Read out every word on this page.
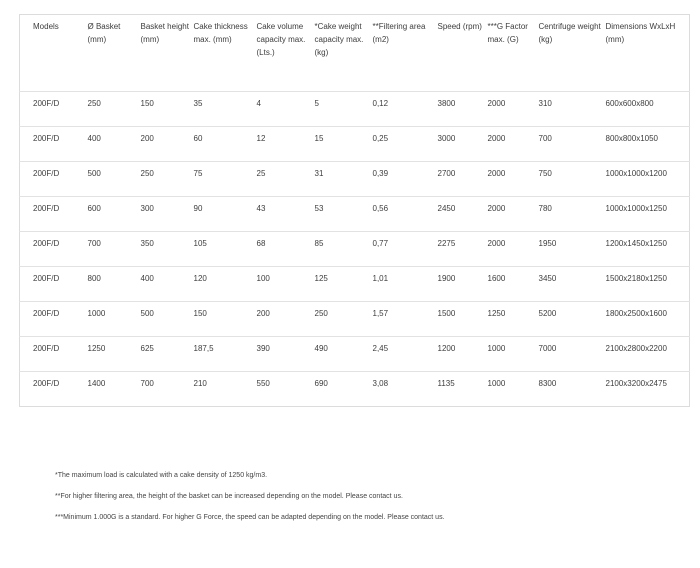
Models	Ø Basket (mm)	Basket height (mm)	Cake thickness max. (mm)	Cake volume capacity max. (Lts.)	*Cake weight capacity max. (kg)	**Filtering area (m2)	Speed (rpm)	***G Factor max. (G)	Centrifuge weight (kg)	Dimensions WxLxH (mm)
200F/D	250	150	35	4	5	0,12	3800	2000	310	600x600x800
200F/D	400	200	60	12	15	0,25	3000	2000	700	800x800x1050
200F/D	500	250	75	25	31	0,39	2700	2000	750	1000x1000x1200
200F/D	600	300	90	43	53	0,56	2450	2000	780	1000x1000x1250
200F/D	700	350	105	68	85	0,77	2275	2000	1950	1200x1450x1250
200F/D	800	400	120	100	125	1,01	1900	1600	3450	1500x2180x1250
200F/D	1000	500	150	200	250	1,57	1500	1250	5200	1800x2500x1600
200F/D	1250	625	187,5	390	490	2,45	1200	1000	7000	2100x2800x2200
200F/D	1400	700	210	550	690	3,08	1135	1000	8300	2100x3200x2475

*The maximum load is calculated with a cake density of 1250 kg/m3.

**For higher filtering area, the height of the basket can be increased depending on the model. Please contact us.

***Minimum 1.000G is a standard. For higher G Force, the speed can be adapted depending on the model. Please contact us.
